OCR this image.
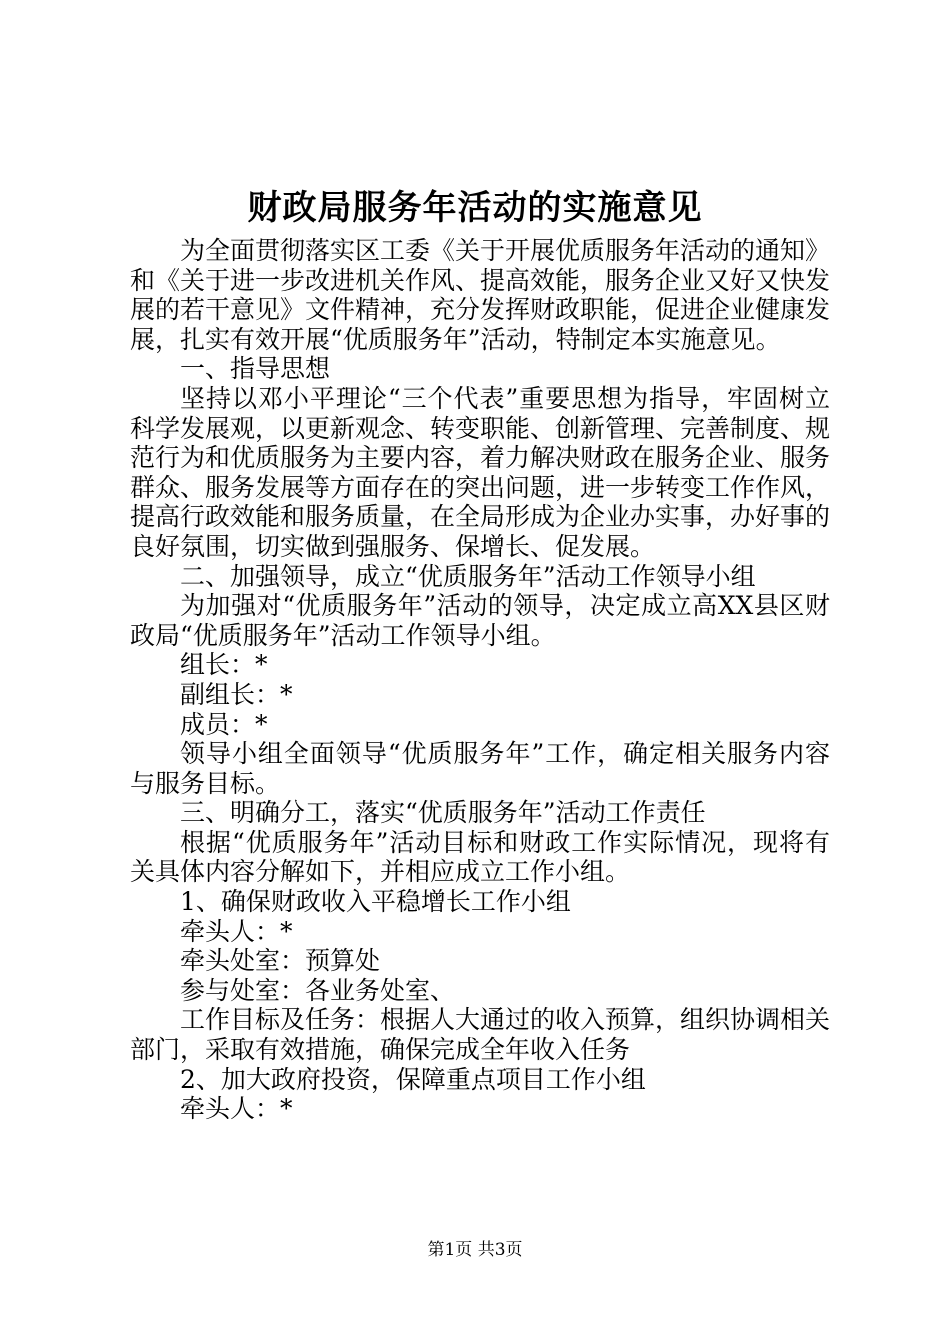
财政局服务年活动的实施意见

为全面贯彻落实区工委《关于开展优质服务年活动的通知》和《关于进一步改进机关作风、提高效能，服务企业又好又快发展的若干意见》文件精神，充分发挥财政职能，促进企业健康发展，扎实有效开展“优质服务年”活动，特制定本实施意见。

一、指导思想

坚持以邓小平理论“三个代表”重要思想为指导，牢固树立科学发展观，以更新观念、转变职能、创新管理、完善制度、规范行为和优质服务为主要内容，着力解决财政在服务企业、服务群众、服务发展等方面存在的突出问题，进一步转变工作作风，提高行政效能和服务质量，在全局形成为企业办实事，办好事的良好氛围，切实做到强服务、保增长、促发展。

二、加强领导，成立“优质服务年”活动工作领导小组

为加强对“优质服务年”活动的领导，决定成立高XX县区财政局“优质服务年”活动工作领导小组。

组长：*

副组长：*

成员：*

领导小组全面领导“优质服务年”工作，确定相关服务内容与服务目标。

三、明确分工，落实“优质服务年”活动工作责任

根据“优质服务年”活动目标和财政工作实际情况，现将有关具体内容分解如下，并相应成立工作小组。

1、确保财政收入平稳增长工作小组

牵头人：*

牵头处室：预算处

参与处室：各业务处室、

工作目标及任务：根据人大通过的收入预算，组织协调相关部门，采取有效措施，确保完成全年收入任务

2、加大政府投资，保障重点项目工作小组

牵头人：*

第1页 共3页
